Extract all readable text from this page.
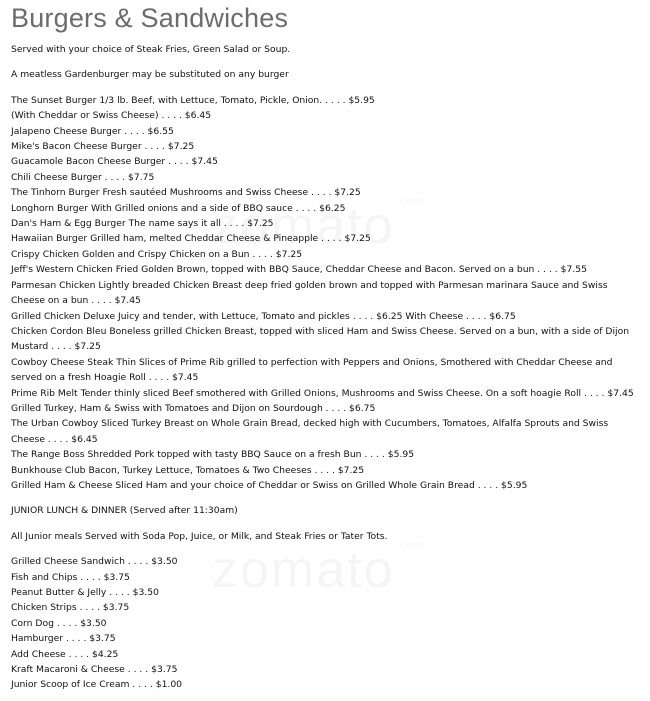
Burgers & Sandwiches
Served with your choice of Steak Fries, Green Salad or Soup.
A meatless Gardenburger may be substituted on any burger
The Sunset Burger 1/3 lb. Beef, with Lettuce, Tomato, Pickle, Onion. . . . . $5.95
(With Cheddar or Swiss Cheese) . . . . $6.45
Jalapeno Cheese Burger . . . . $6.55
Mike's Bacon Cheese Burger . . . . $7.25
Guacamole Bacon Cheese Burger . . . . $7.45
Chili Cheese Burger . . . . $7.75
The Tinhorn Burger Fresh sautéed Mushrooms and Swiss Cheese . . . . $7.25
Longhorn Burger With Grilled onions and a side of BBQ sauce . . . . $6.25
Dan's Ham & Egg Burger The name says it all . . . . $7.25
Hawaiian Burger Grilled ham, melted Cheddar Cheese & Pineapple . . . . $7.25
Crispy Chicken Golden and Crispy Chicken on a Bun . . . . $7.25
Jeff's Western Chicken Fried Golden Brown, topped with BBQ Sauce, Cheddar Cheese and Bacon. Served on a bun . . . . $7.55
Parmesan Chicken Lightly breaded Chicken Breast deep fried golden brown and topped with Parmesan marinara Sauce and Swiss Cheese on a bun . . . . $7.45
Grilled Chicken Deluxe Juicy and tender, with Lettuce, Tomato and pickles . . . . $6.25 With Cheese . . . . $6.75
Chicken Cordon Bleu Boneless grilled Chicken Breast, topped with sliced Ham and Swiss Cheese. Served on a bun, with a side of Dijon Mustard . . . . $7.25
Cowboy Cheese Steak Thin Slices of Prime Rib grilled to perfection with Peppers and Onions, Smothered with Cheddar Cheese and served on a fresh Hoagie Roll . . . . $7.45
Prime Rib Melt Tender thinly sliced Beef smothered with Grilled Onions, Mushrooms and Swiss Cheese. On a soft hoagie Roll . . . . $7.45
Grilled Turkey, Ham & Swiss with Tomatoes and Dijon on Sourdough . . . . $6.75
The Urban Cowboy Sliced Turkey Breast on Whole Grain Bread, decked high with Cucumbers, Tomatoes, Alfalfa Sprouts and Swiss Cheese . . . . $6.45
The Range Boss Shredded Pork topped with tasty BBQ Sauce on a fresh Bun . . . . $5.95
Bunkhouse Club Bacon, Turkey Lettuce, Tomatoes & Two Cheeses . . . . $7.25
Grilled Ham & Cheese Sliced Ham and your choice of Cheddar or Swiss on Grilled Whole Grain Bread . . . . $5.95
JUNIOR LUNCH & DINNER (Served after 11:30am)
All Junior meals Served with Soda Pop, Juice, or Milk, and Steak Fries or Tater Tots.
Grilled Cheese Sandwich . . . . $3.50
Fish and Chips . . . . $3.75
Peanut Butter & Jelly . . . . $3.50
Chicken Strips . . . . $3.75
Corn Dog . . . . $3.50
Hamburger . . . . $3.75
Add Cheese . . . . $4.25
Kraft Macaroni & Cheese . . . . $3.75
Junior Scoop of Ice Cream . . . . $1.00
